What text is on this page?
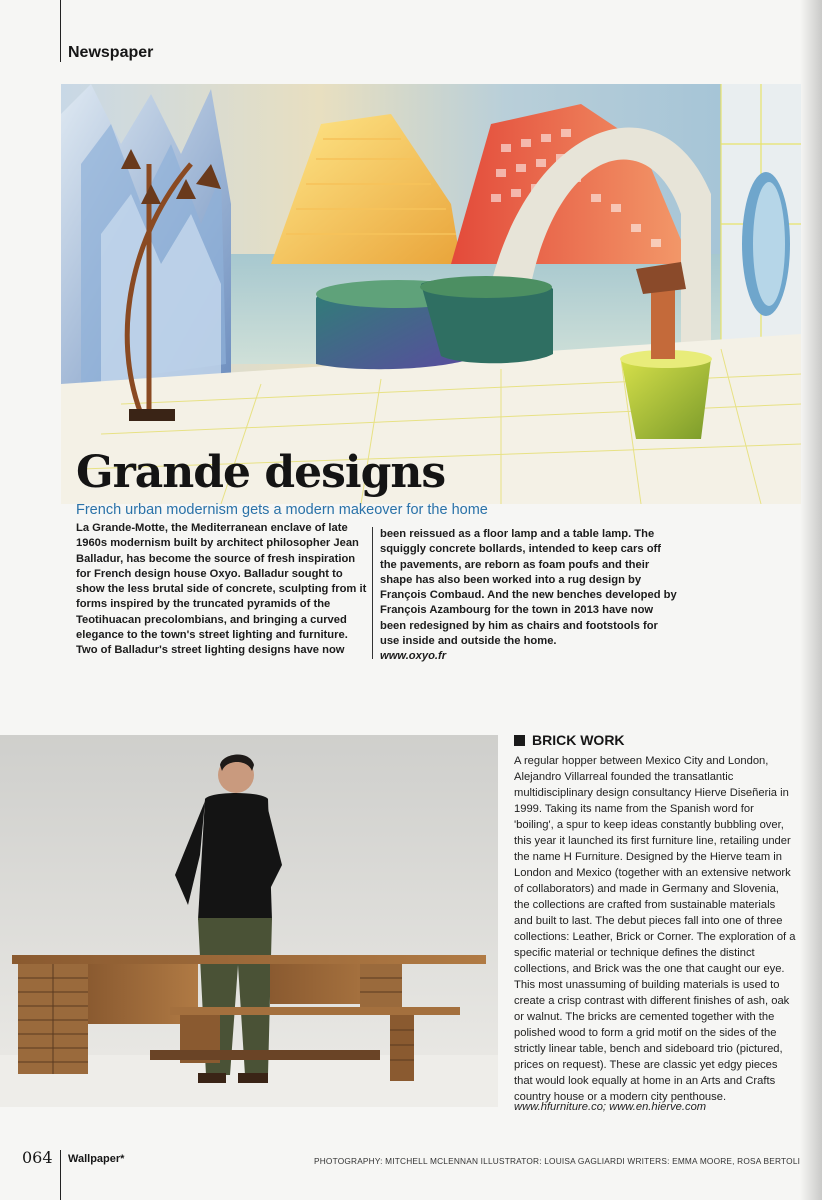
Newspaper
Grande designs
French urban modernism gets a modern makeover for the home

La Grande-Motte, the Mediterranean enclave of late 1960s modernism built by architect philosopher Jean Balladur, has become the source of fresh inspiration for French design house Oxyo. Balladur sought to show the less brutal side of concrete, sculpting from it forms inspired by the truncated pyramids of the Teotihuacan precolombians, and bringing a curved elegance to the town's street lighting and furniture. Two of Balladur's street lighting designs have now

been reissued as a floor lamp and a table lamp. The squiggly concrete bollards, intended to keep cars off the pavements, are reborn as foam poufs and their shape has also been worked into a rug design by François Combaud. And the new benches developed by François Azambourg for the town in 2013 have now been redesigned by him as chairs and footstools for use inside and outside the home.

www.oxyo.fr

BRICK WORK

A regular hopper between Mexico City and London, Alejandro Villarreal founded the transatlantic multidisciplinary design consultancy Hierve Diseñeria in 1999. Taking its name from the Spanish word for 'boiling', a spur to keep ideas constantly bubbling over, this year it launched its first furniture line, retailing under the name H Furniture. Designed by the Hierve team in London and Mexico (together with an extensive network of collaborators) and made in Germany and Slovenia, the collections are crafted from sustainable materials and built to last. The debut pieces fall into one of three collections: Leather, Brick or Corner. The exploration of a specific material or technique defines the distinct collections, and Brick was the one that caught our eye. This most unassuming of building materials is used to create a crisp contrast with different finishes of ash, oak or walnut. The bricks are cemented together with the polished wood to form a grid motif on the sides of the strictly linear table, bench and sideboard trio (pictured, prices on request). These are classic yet edgy pieces that would look equally at home in an Arts and Crafts country house or a modern city penthouse.

www.hfurniture.co; www.en.hierve.com
064 Wallpaper*	PHOTOGRAPHY: MITCHELL MCLENNAN ILLUSTRATOR: LOUISA GAGLIARDI WRITERS: EMMA MOORE, ROSA BERTOLI
